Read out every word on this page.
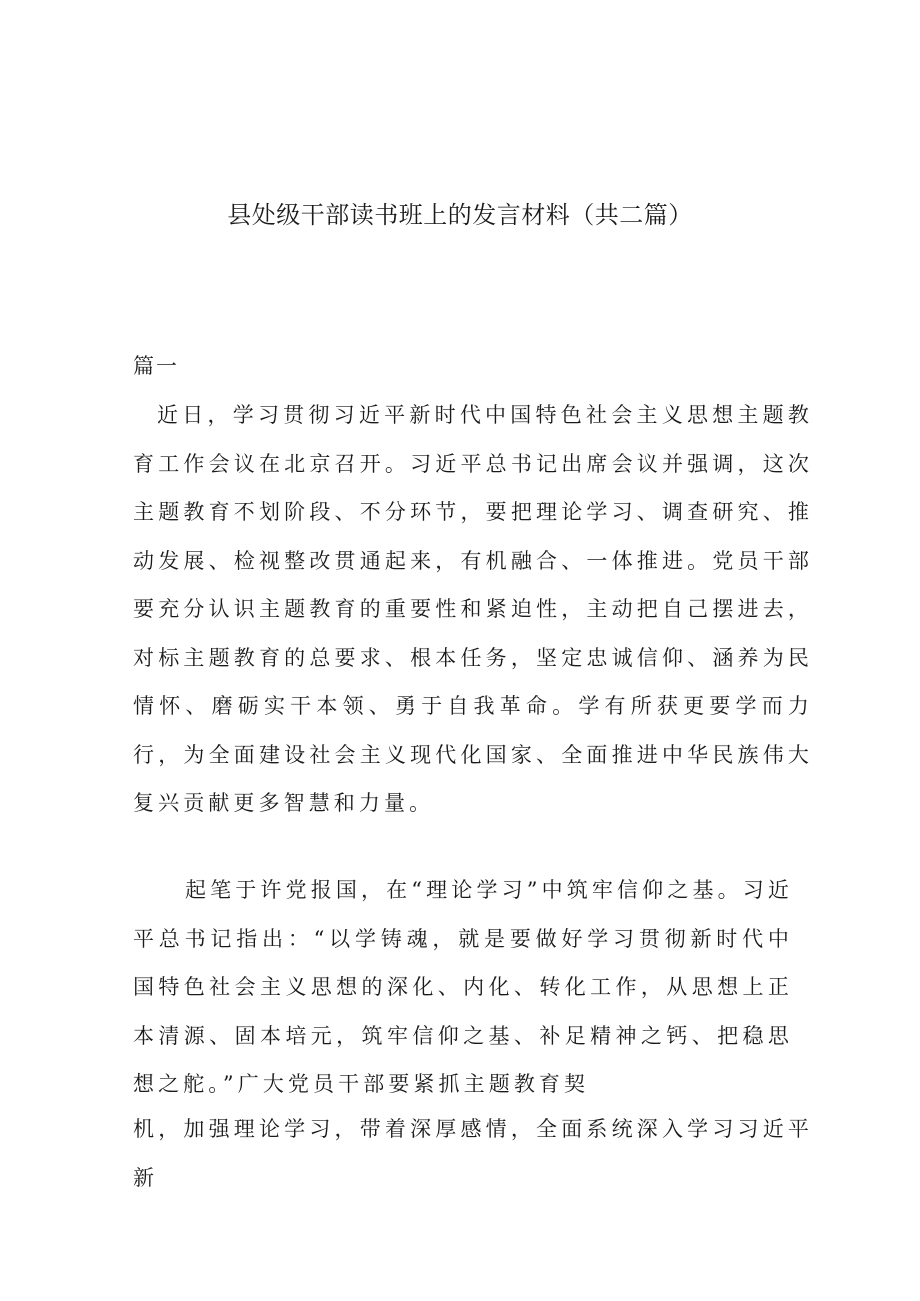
县处级干部读书班上的发言材料（共二篇）

篇一

近日，学习贯彻习近平新时代中国特色社会主义思想主题教育工作会议在北京召开。习近平总书记出席会议并强调，这次主题教育不划阶段、不分环节，要把理论学习、调查研究、推动发展、检视整改贯通起来，有机融合、一体推进。党员干部要充分认识主题教育的重要性和紧迫性，主动把自己摆进去，对标主题教育的总要求、根本任务，坚定忠诚信仰、涵养为民情怀、磨砺实干本领、勇于自我革命。学有所获更要学而力行，为全面建设社会主义现代化国家、全面推进中华民族伟大复兴贡献更多智慧和力量。

起笔于许党报国，在“理论学习”中筑牢信仰之基。习近平总书记指出：“以学铸魂，就是要做好学习贯彻新时代中国特色社会主义思想的深化、内化、转化工作，从思想上正本清源、固本培元，筑牢信仰之基、补足精神之钙、把稳思想之舵。”广大党员干部要紧抓主题教育契

机，加强理论学习，带着深厚感情，全面系统深入学习习近平新
